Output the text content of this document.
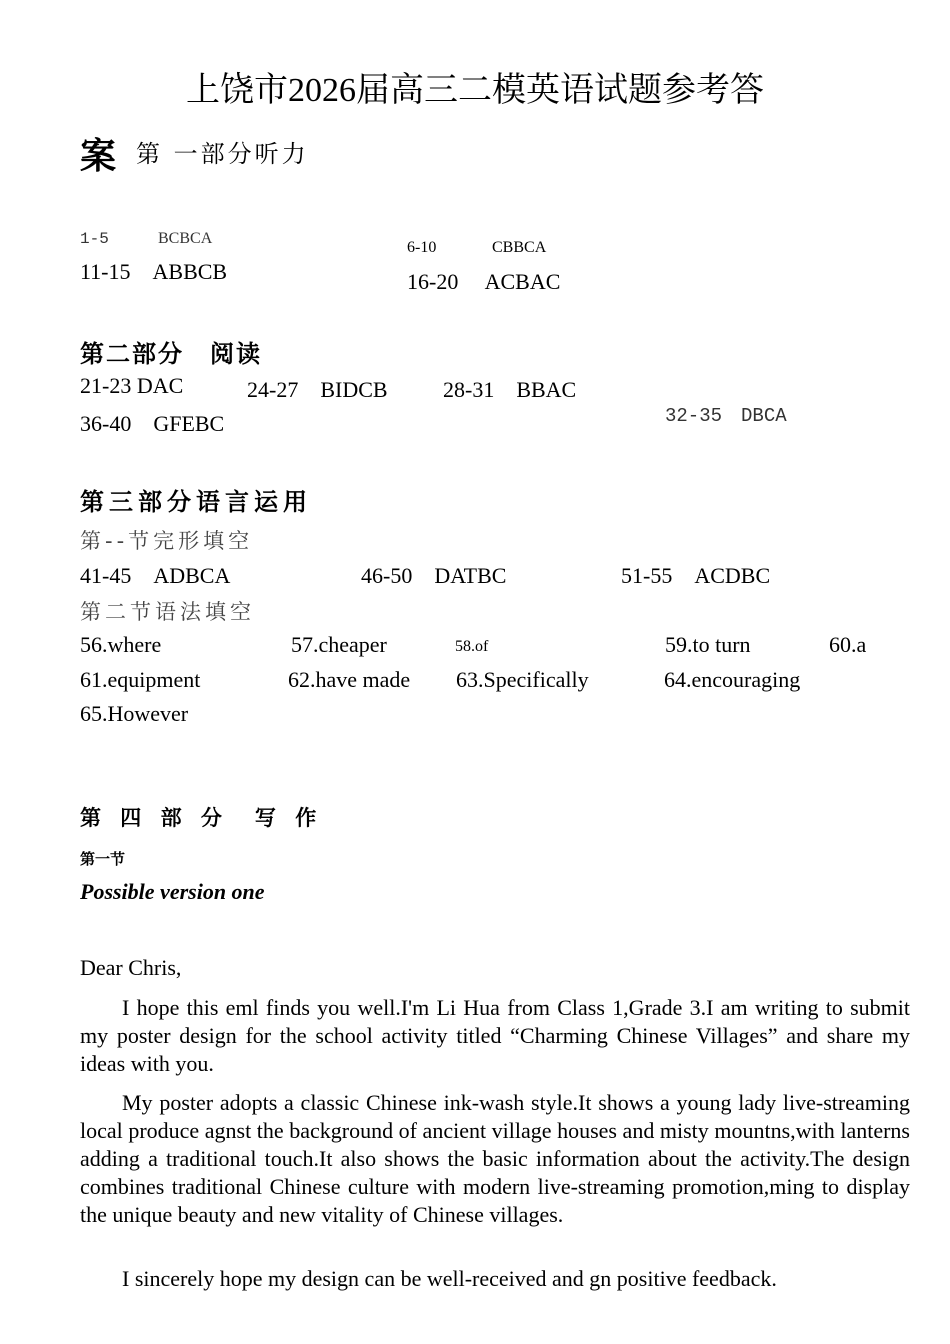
上饶市2026届高三二模英语试题参考答
案 第 一部分听力
1-5	BCBCA
6-10	CBBCA
11-15　ABBCB	16-20　 ACBAC
第二部分　阅读
21-23 DAC	24-27　BIDCB	28-31　BBAC
32-35　DBCA
36-40　GFEBC
第三部分语言运用
第--节完形填空
41-45　ADBCA	46-50　DATBC	51-55　ACDBC
第二节语法填空
56.where	57.cheaper	58.of	59.to turn	60.a
61.equipment	62.have made 63.Specifically	64.encouraging
65.However
第 四 部 分　写 作
第一节
Possible version one
Dear Chris,
I hope this eml finds you well.I'm Li Hua from Class 1,Grade 3.I am writing to submit my poster design for the school activity titled “Charming Chinese Villages” and share my ideas with you.
My poster adopts a classic Chinese ink-wash style.It shows a young lady live-streaming local produce agnst the background of ancient village houses and misty mountns,with lanterns adding a traditional touch.It also shows the basic information about the activity.The design combines traditional Chinese culture with modern live-streaming promotion,ming to display the unique beauty and new vitality of Chinese villages.
I sincerely hope my design can be well-received and gn positive feedback.
